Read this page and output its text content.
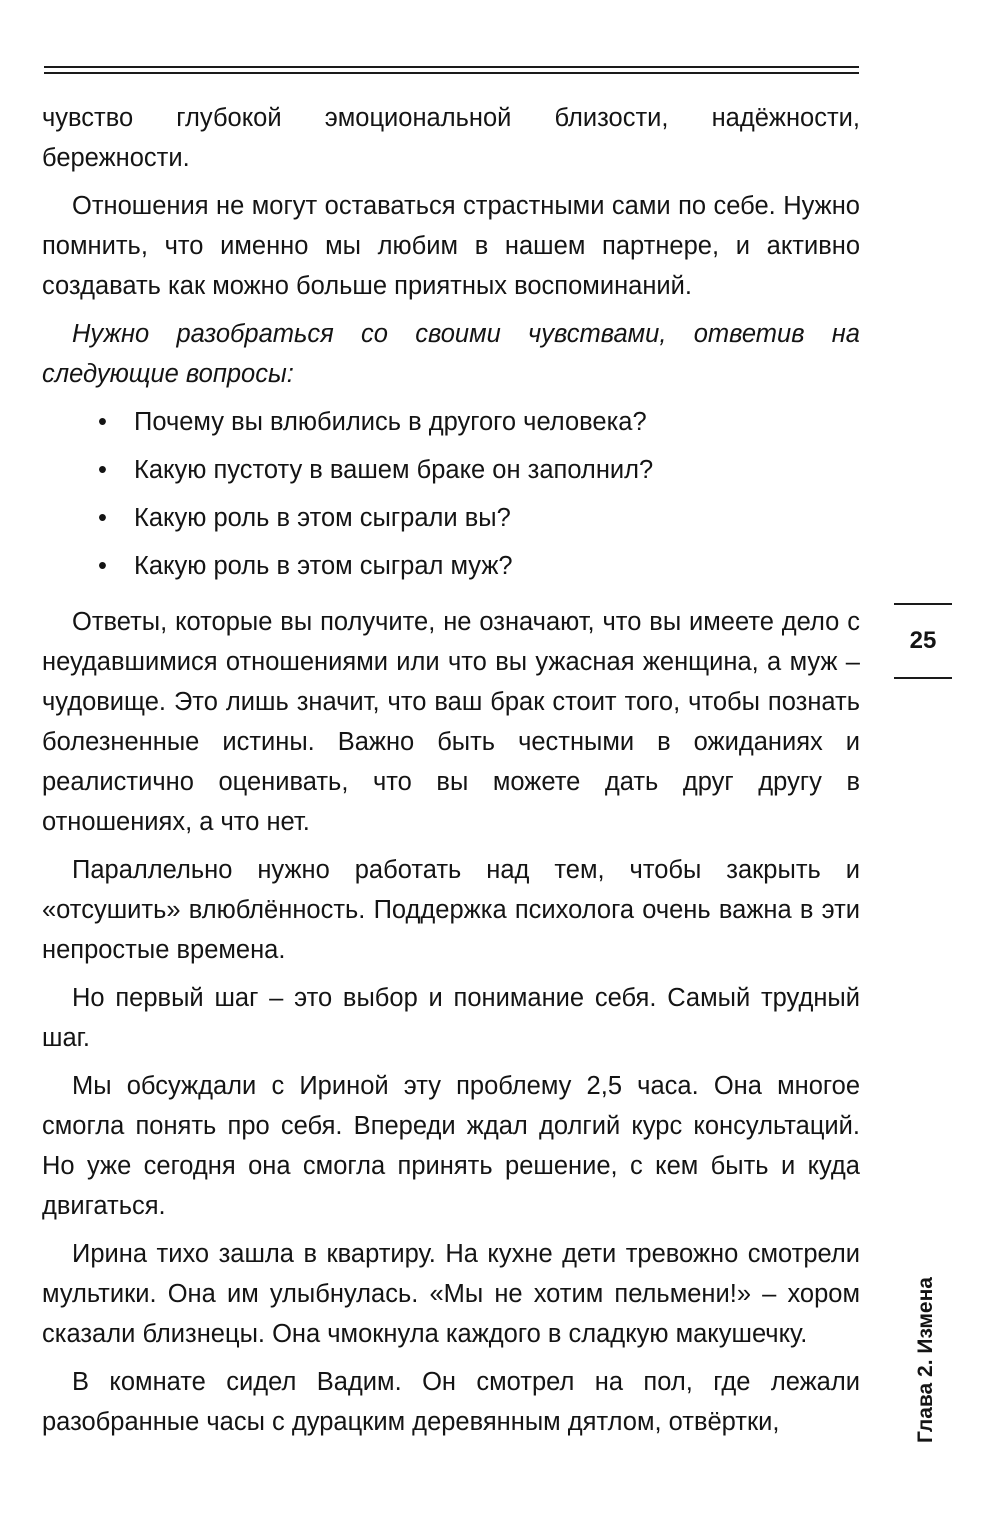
чувство глубокой эмоциональной близости, надёжности, бережности.

Отношения не могут оставаться страстными сами по себе. Нужно помнить, что именно мы любим в нашем партнере, и активно создавать как можно больше приятных воспоминаний.

Нужно разобраться со своими чувствами, ответив на следующие вопросы:

• Почему вы влюбились в другого человека?
• Какую пустоту в вашем браке он заполнил?
• Какую роль в этом сыграли вы?
• Какую роль в этом сыграл муж?

Ответы, которые вы получите, не означают, что вы имеете дело с неудавшимися отношениями или что вы ужасная женщина, а муж – чудовище. Это лишь значит, что ваш брак стоит того, чтобы познать болезненные истины. Важно быть честными в ожиданиях и реалистично оценивать, что вы можете дать друг другу в отношениях, а что нет.

Параллельно нужно работать над тем, чтобы закрыть и «отсушить» влюблённость. Поддержка психолога очень важна в эти непростые времена.

Но первый шаг – это выбор и понимание себя. Самый трудный шаг.

Мы обсуждали с Ириной эту проблему 2,5 часа. Она многое смогла понять про себя. Впереди ждал долгий курс консультаций. Но уже сегодня она смогла принять решение, с кем быть и куда двигаться.

Ирина тихо зашла в квартиру. На кухне дети тревожно смотрели мультики. Она им улыбнулась. «Мы не хотим пельмени!» – хором сказали близнецы. Она чмокнула каждого в сладкую макушечку.

В комнате сидел Вадим. Он смотрел на пол, где лежали разобранные часы с дурацким деревянным дятлом, отвёртки,

25
Глава 2. Измена
